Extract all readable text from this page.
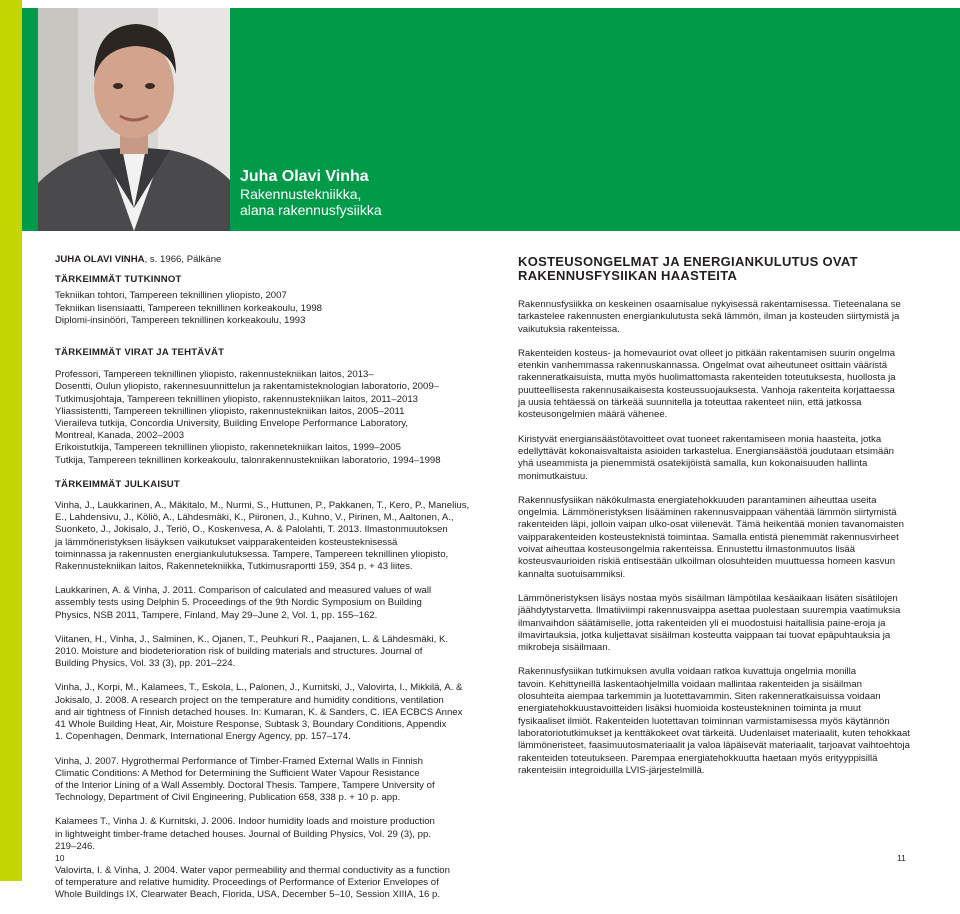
Juha Olavi Vinha

Rakennustekniikka,

alana rakennusfysiikka

JUHA OLAVI VINHA, s. 1966, Pälkäne

TÄRKEIMMÄT TUTKINNOT

Tekniikan tohtori, Tampereen teknillinen yliopisto, 2007
Tekniikan lisensiaatti, Tampereen teknillinen korkeakoulu, 1998
Diplomi-insinööri, Tampereen teknillinen korkeakoulu, 1993

TÄRKEIMMÄT VIRAT JA TEHTÄVÄT

Professori, Tampereen teknillinen yliopisto, rakennustekniikan laitos, 2013–
Dosentti, Oulun yliopisto, rakennesuunnittelun ja rakentamisteknologian laboratorio, 2009–
Tutkimusjohtaja, Tampereen teknillinen yliopisto, rakennustekniikan laitos, 2011–2013
Yliassistentti, Tampereen teknillinen yliopisto, rakennustekniikan laitos, 2005–2011
Vieraileva tutkija, Concordia University, Building Envelope Performance Laboratory,
Montreal, Kanada, 2002–2003
Erikoistutkija, Tampereen teknillinen yliopisto, rakennetekniikan laitos, 1999–2005
Tutkija, Tampereen teknillinen korkeakoulu, talonrakennustekniikan laboratorio, 1994–1998

TÄRKEIMMÄT JULKAISUT

Vinha, J., Laukkarinen, A., Mäkitalo, M., Nurmi, S., Huttunen, P., Pakkanen, T., Kero, P., Manelius,
E., Lahdensivu, J., Köliö, A., Lähdesmäki, K., Piironen, J., Kuhno, V., Pirinen, M., Aaltonen, A.,
Suonketo, J., Jokisalo, J., Teriö, O., Koskenvesa, A. & Palolahti, T. 2013. Ilmastonmuutoksen
ja lämmöneristyksen lisäyksen vaikutukset vaipparakenteiden kosteusteknisessä
toiminnassa ja rakennusten energiankulutuksessa. Tampere, Tampereen teknillinen yliopisto,
Rakennustekniikan laitos, Rakennetekniikka, Tutkimusraportti 159, 354 p. + 43 liites.
Laukkarinen, A. & Vinha, J. 2011. Comparison of calculated and measured values of wall
assembly tests using Delphin 5. Proceedings of the 9th Nordic Symposium on Building
Physics, NSB 2011, Tampere, Finland, May 29–June 2, Vol. 1, pp. 155–162.
Viitanen, H., Vinha, J., Salminen, K., Ojanen, T., Peuhkuri R., Paajanen, L. & Lähdesmäki, K.
2010. Moisture and biodeterioration risk of building materials and structures. Journal of
Building Physics, Vol. 33 (3), pp. 201–224.
Vinha, J., Korpi, M., Kalamees, T., Eskola, L., Palonen, J., Kurnitski, J., Valovirta, I., Mikkilä, A. &
Jokisalo, J. 2008. A research project on the temperature and humidity conditions, ventilation
and air tightness of Finnish detached houses. In: Kumaran, K. & Sanders, C. IEA ECBCS Annex
41 Whole Building Heat, Air, Moisture Response, Subtask 3, Boundary Conditions, Appendix
1. Copenhagen, Denmark, International Energy Agency, pp. 157–174.
Vinha, J. 2007. Hygrothermal Performance of Timber-Framed External Walls in Finnish
Climatic Conditions: A Method for Determining the Sufficient Water Vapour Resistance
of the Interior Lining of a Wall Assembly. Doctoral Thesis. Tampere, Tampere University of
Technology, Department of Civil Engineering, Publication 658, 338 p. + 10 p. app.
Kalamees T., Vinha J. & Kurnitski, J. 2006. Indoor humidity loads and moisture production
in lightweight timber-frame detached houses. Journal of Building Physics, Vol. 29 (3), pp.
219–246.
Valovirta, I. & Vinha, J. 2004. Water vapor permeability and thermal conductivity as a function
of temperature and relative humidity. Proceedings of Performance of Exterior Envelopes of
Whole Buildings IX, Clearwater Beach, Florida, USA, December 5–10, Session XIIIA, 16 p.
KOSTEUSONGELMAT JA ENERGIANKULUTUS OVAT
RAKENNUSFYSIIKAN HAASTEITA
Rakennusfysiikka on keskeinen osaamisalue nykyisessä rakentamisessa. Tieteenalana se
tarkastelee rakennusten energiankulutusta sekä lämmön, ilman ja kosteuden siirtymistä ja
vaikutuksia rakenteissa.
Rakenteiden kosteus- ja homevauriot ovat olleet jo pitkään rakentamisen suurin ongelma
etenkin vanhemmassa rakennuskannassa. Ongelmat ovat aiheutuneet osittain vääristä
rakenneratkaisuista, mutta myös huolimattomasta rakenteiden toteutuksesta, huollosta ja
puutteellisesta rakennusaikaisesta kosteussuojauksesta. Vanhoja rakenteita korjattaessa
ja uusia tehtäessä on tärkeää suunnitella ja toteuttaa rakenteet niin, että jatkossa
kosteusongelmien määrä vähenee.
Kiristyvät energiansäästötavoitteet ovat tuoneet rakentamiseen monia haasteita, jotka
edellyttävät kokonaisvaltaista asioiden tarkastelua. Energiansäästöä joudutaan etsimään
yhä useammista ja pienemmistä osatekijöistä samalla, kun kokonaisuuden hallinta
monimutkaistuu.
Rakennusfysiikan näkökulmasta energiatehokkuuden parantaminen aiheuttaa useita
ongelmia. Lämmöneristyksen lisääminen rakennusvaippaan vähentää lämmön siirtymistä
rakenteiden läpi, jolloin vaipan ulko-osat viilenevät. Tämä heikentää monien tavanomaisten
vaipparakenteiden kosteusteknistä toimintaa. Samalla entistä pienemmät rakennusvirheet
voivat aiheuttaa kosteusongelmia rakenteissa. Ennustettu ilmastonmuutos lisää
kosteusvaurioiden riskiä entisestään ulkoilman olosuhteiden muuttuessa homeen kasvun
kannalta suotuisammiksi.
Lämmöneristyksen lisäys nostaa myös sisäilman lämpötilaa kesäaikaan lisäten sisätilojen
jäähdytystarvetta. Ilmatiiviimpi rakennusvaippa asettaa puolestaan suurempia vaatimuksia
ilmanvaihdon säätämiselle, jotta rakenteiden yli ei muodostuisi haitallisia paine-eroja ja
ilmavirtauksia, jotka kuljettavat sisäilman kosteutta vaippaan tai tuovat epäpuhtauksia ja
mikrobeja sisäilmaan.
Rakennusfysiikan tutkimuksen avulla voidaan ratkoa kuvattuja ongelmia monilla
tavoin. Kehittyneillä laskentaohjelmilla voidaan mallintaa rakenteiden ja sisäilman
olosuhteita aiempaa tarkemmin ja luotettavammin. Siten rakenneratkaisuissa voidaan
energiatehokkuustavoitteiden lisäksi huomioida kosteustekninen toiminta ja muut
fysikaaliset ilmiöt. Rakenteiden luotettavan toiminnan varmistamisessa myös käytännön
laboratoriotutkimukset ja kenttäkokeet ovat tärkeitä. Uudenlaiset materiaalit, kuten tehokkaat
lämmöneristeet, faasimuutosmateriaalit ja valoa läpäisevät materiaalit, tarjoavat vaihtoehtoja
rakenteiden toteutukseen. Parempaa energiatehokkuutta haetaan myös erityyppisillä
rakenteisiin integroiduilla LVIS-järjestelmillä.
10	11
